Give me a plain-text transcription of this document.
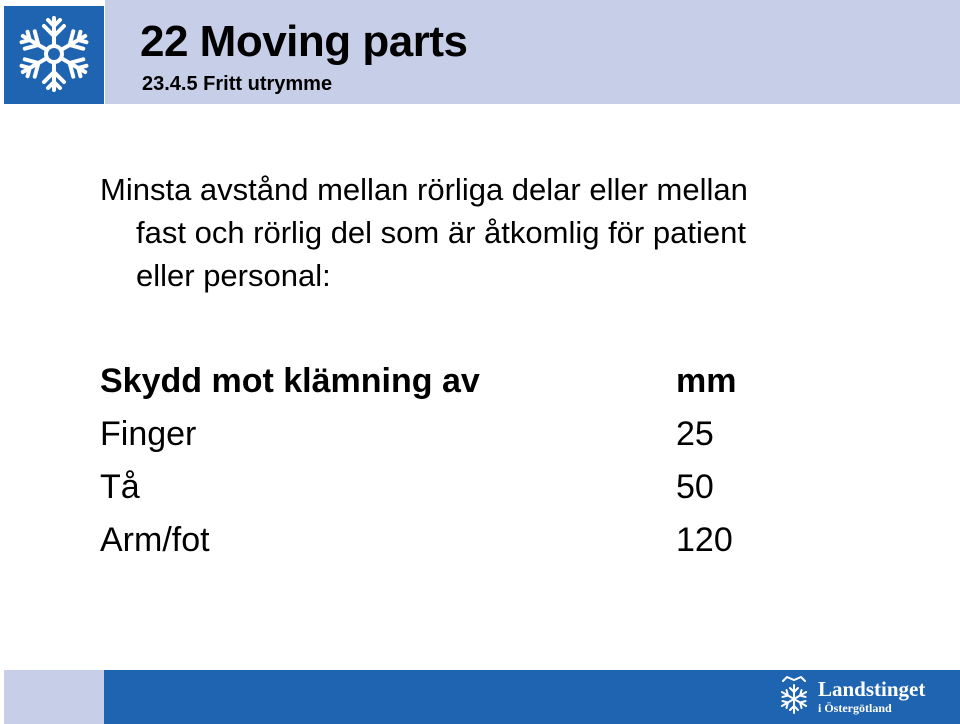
22 Moving parts
23.4.5 Fritt utrymme
Minsta avstånd mellan rörliga delar eller mellan
fast och rörlig del som är åtkomlig för patient
eller personal:
Skydd mot klämning av	mm
Finger	25
Tå	50
Arm/fot	120
Landstinget
i Östergötland
